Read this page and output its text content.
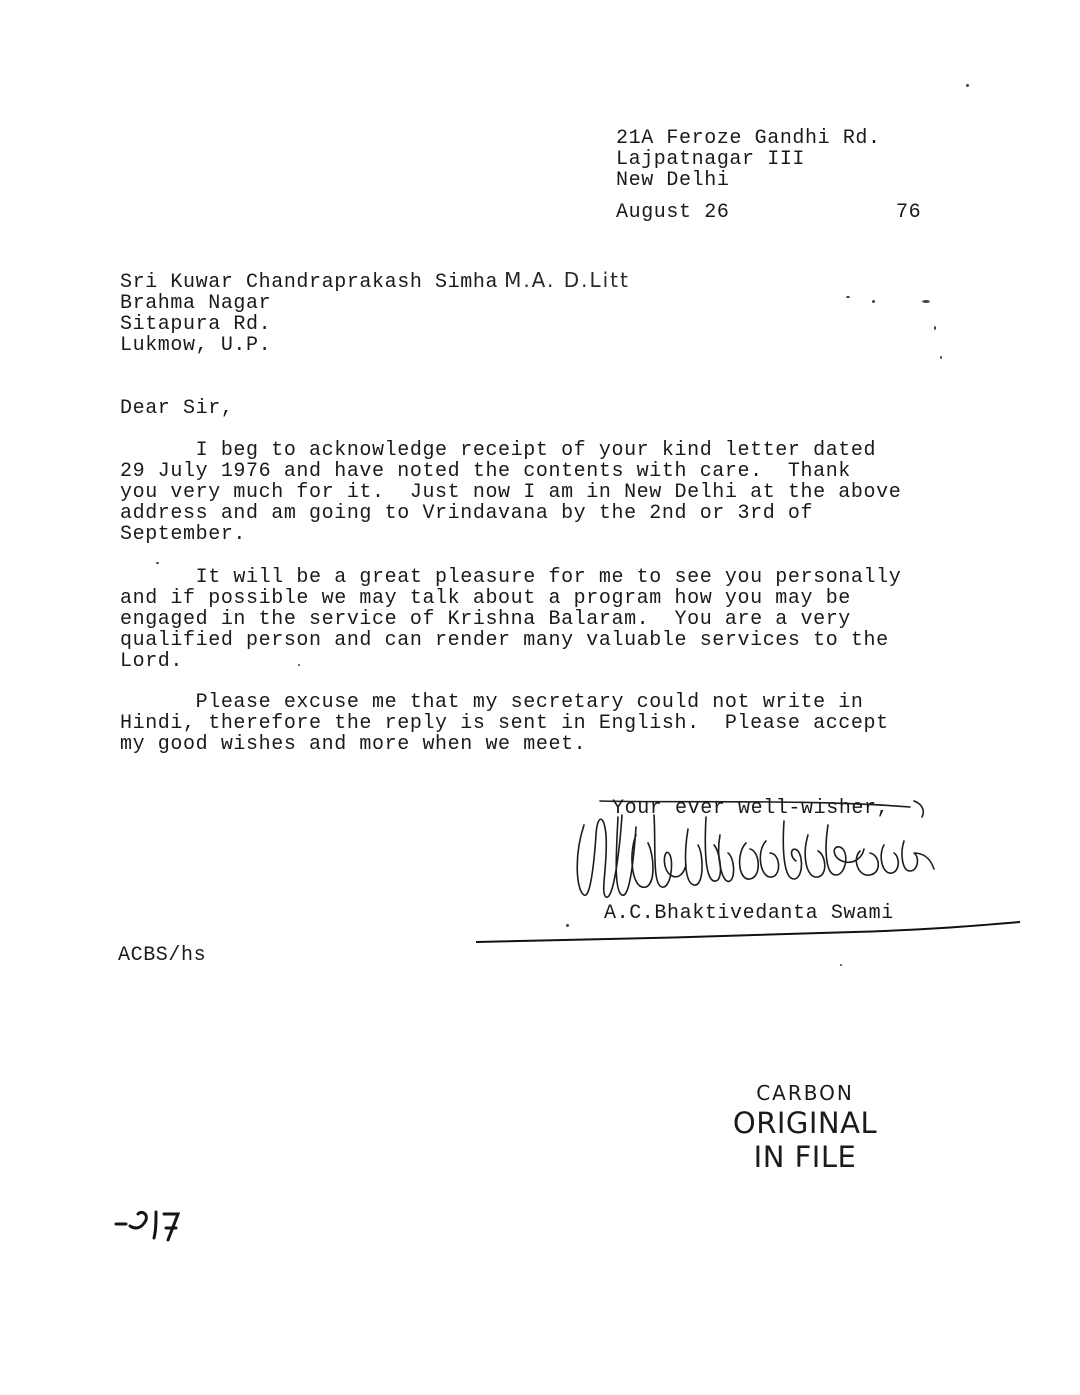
21A Feroze Gandhi Rd.
Lajpatnagar III
New Delhi
August 26	76
Sri Kuwar Chandraprakash Simha M.A. D.Litt
Brahma Nagar
Sitapura Rd.
Lukmow, U.P.
Dear Sir,
I beg to acknowledge receipt of your kind letter dated
29 July 1976 and have noted the contents with care.  Thank
you very much for it.  Just now I am in New Delhi at the above
address and am going to Vrindavana by the 2nd or 3rd of
September.
It will be a great pleasure for me to see you personally
and if possible we may talk about a program how you may be
engaged in the service of Krishna Balaram.  You are a very
qualified person and can render many valuable services to the
Lord.
Please excuse me that my secretary could not write in
Hindi, therefore the reply is sent in English.  Please accept
my good wishes and more when we meet.
Your ever well-wisher,
A.C.Bhaktivedanta Swami
ACBS/hs
CARBON
ORIGINAL
IN FILE
